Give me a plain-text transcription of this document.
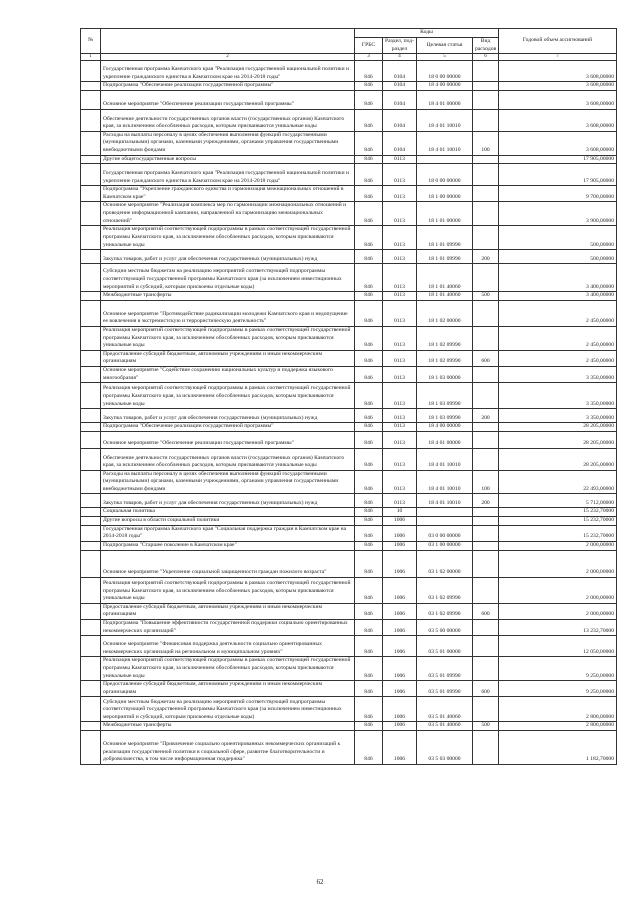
№		Коды				Годовой объем ассигнований
		ГРБС	Раздел, под-раздел	Целевая статья	Вид расходов	
1	2	3	4	5	6	7
	Государственная программа Камчатского края "Реализация государственной национальной политики и укрепление гражданского единства в Камчатском крае на 2014-2018 годы"	846	0104	18 0 00 00000		3 608,00000
	Подпрограмма "Обеспечение реализации государственной программы"	846	0104	18 4 00 00000		3 608,00000
	Основное мероприятие "Обеспечение реализации государственной программы"	846	0104	18 4 01 00000		3 608,00000
	Обеспечение деятельности государственных органов власти (государственных органов) Камчатского края, за исключением обособленных расходов, которым присваиваются уникальные коды	846	0104	18 4 01 10010		3 608,00000
	Расходы на выплаты персоналу в целях обеспечения выполнения функций государственными (муниципальными) органами, казенными учреждениями, органами управления государственными внебюджетными фондами	846	0104	18 4 01 10010	100	3 608,00000
	Другие общегосударственные вопросы	846	0113			17 905,00000
	Государственная программа Камчатского края "Реализация государственной национальной политики и укрепление гражданского единства в Камчатском крае на 2014-2018 годы"	846	0113	18 0 00 00000		17 905,00000
	Подпрограмма "Укрепление гражданского единства и гармонизация межнациональных отношений в Камчатском крае"	846	0113	18 1 00 00000		9 700,00000
	Основное мероприятие "Реализация комплекса мер по гармонизации межнациональных отношений и проведение информационной кампании, направленной на гармонизацию межнациональных отношений"	846	0113	18 1 01 00000		3 900,00000
	Реализация мероприятий соответствующей подпрограммы в рамках соответствующей государственной программы Камчатского края, за исключением обособленных расходов, которым присваиваются уникальные коды	846	0113	18 1 01 09990		500,00000
	Закупка товаров, работ и услуг для обеспечения государственных (муниципальных) нужд	846	0113	18 1 01 09990	200	500,00000
	Субсидии местным бюджетам на реализацию мероприятий соответствующей подпрограммы соответствующей государственной программы Камчатского края (за исключением инвестиционных мероприятий и субсидий, которым присвоены отдельные коды)	846	0113	18 1 01 40060		3 400,00000
	Межбюджетные трансферты	846	0113	18 1 01 40060	500	3 400,00000
	Основное мероприятие "Противодействие радикализации молодежи Камчатского края и недопущение ее вовлечения в экстремистскую и террористическую деятельность"	846	0113	18 1 02 00000		2 450,00000
	Реализация мероприятий соответствующей подпрограммы в рамках соответствующей государственной программы Камчатского края, за исключением обособленных расходов, которым присваиваются уникальные коды	846	0113	18 1 02 09990		2 450,00000
	Предоставление субсидий бюджетным, автономным учреждениям и иным некоммерческим организациям	846	0113	18 1 02 09990	600	2 450,00000
	Основное мероприятие "Содействие сохранению национальных культур и поддержка языкового многообразия"	846	0113	18 1 03 00000		3 350,00000
	Реализация мероприятий соответствующей подпрограммы в рамках соответствующей государственной программы Камчатского края, за исключением обособленных расходов, которым присваиваются уникальные коды	846	0113	18 1 03 09990		3 350,00000
	Закупка товаров, работ и услуг для обеспечения государственных (муниципальных) нужд	846	0113	18 1 03 09990	200	3 350,00000
	Подпрограмма "Обеспечение реализации государственной программы"	846	0113	18 4 00 00000		28 205,00000
	Основное мероприятие "Обеспечение реализации государственной программы"	846	0113	18 4 01 00000		28 205,00000
	Обеспечение деятельности государственных органов власти (государственных органов) Камчатского края, за исключением обособленных расходов, которым присваиваются уникальные коды	846	0113	18 4 01 10010		28 205,00000
	Расходы на выплаты персоналу в целях обеспечения выполнения функций государственными (муниципальными) органами, казенными учреждениями, органами управления государственными внебюджетными фондами	846	0113	18 4 01 10010	100	22 493,00000
	Закупка товаров, работ и услуг для обеспечения государственных (муниципальных) нужд	846	0113	18 4 01 10010	200	5 712,00000
	Социальная политика	846	10			15 232,70000
	Другие вопросы в области социальной политики	846	1006			15 232,70000
	Государственная программа Камчатского края "Социальная поддержка граждан в Камчатском крае на 2014-2018 годы"	846	1006	03 0 00 00000		15 232,70000
	Подпрограмма "Старшее поколение в Камчатском крае"	846	1006	03 1 00 00000		2 000,00000
	Основное мероприятие "Укрепление социальной защищенности граждан пожилого возраста"	846	1006	03 1 02 00000		2 000,00000
	Реализация мероприятий соответствующей подпрограммы в рамках соответствующей государственной программы Камчатского края, за исключением обособленных расходов, которым присваиваются уникальные коды	846	1006	03 1 02 09990		2 000,00000
	Предоставление субсидий бюджетным, автономным учреждениям и иным некоммерческим организациям	846	1006	03 1 02 09990	600	2 000,00000
	Подпрограмма "Повышение эффективности государственной поддержки социально ориентированных некоммерческих организаций"	846	1006	03 5 00 00000		13 232,70000
	Основное мероприятие "Финансовая поддержка деятельности социально ориентированных некоммерческих организаций на региональном и муниципальном уровнях"	846	1006	03 5 01 00000		12 050,00000
	Реализация мероприятий соответствующей подпрограммы в рамках соответствующей государственной программы Камчатского края, за исключением обособленных расходов, которым присваиваются уникальные коды	846	1006	03 5 01 09990		9 250,00000
	Предоставление субсидий бюджетным, автономным учреждениям и иным некоммерческим организациям	846	1006	03 5 01 09990	600	9 250,00000
	Субсидии местным бюджетам на реализацию мероприятий соответствующей подпрограммы соответствующей государственной программы Камчатского края (за исключением инвестиционных мероприятий и субсидий, которым присвоены отдельные коды)	846	1006	03 5 01 40060		2 800,00000
	Межбюджетные трансферты	846	1006	03 5 01 40060	500	2 800,00000
	Основное мероприятие "Привлечение социально ориентированных некоммерческих организаций к реализации государственной политики в социальной сфере, развитие благотворительности и добровольчества, в том числе информационная поддержка"	846	1006	03 5 03 00000		1 182,70000
62
